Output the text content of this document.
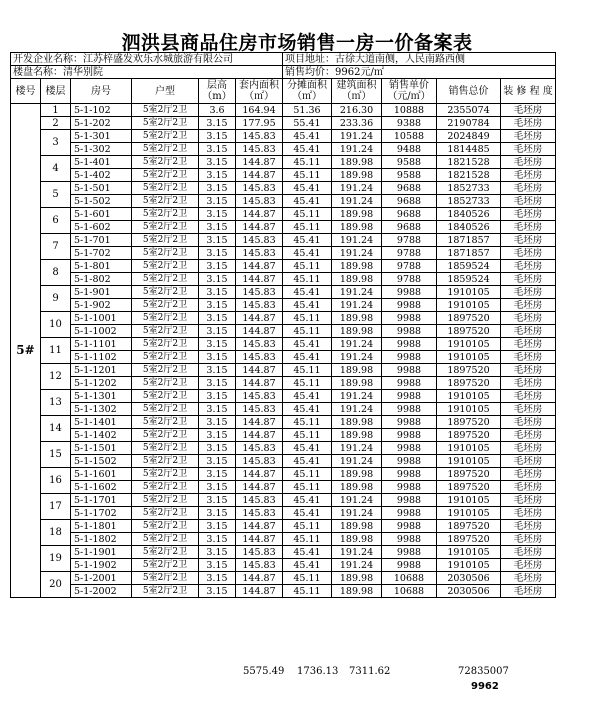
泗洪县商品住房市场销售一房一价备案表
开发企业名称：江苏梓盛发欢乐水城旅游有限公司						项目地址：古徐大道南侧，人民南路西侧				
楼盘名称：清华别院						销售均价：9962元/㎡				
楼号	楼层	房号	户型	层高（m）	套内面积（㎡）	分摊面积（㎡）	建筑面积（㎡）	销售单价（元/㎡）	销售总价	装 修 程 度
5#	1	5-1-102	5室2厅2卫	3.6	164.94	51.36	216.30	10888	2355074	毛坯房
	2	5-1-202	5室2厅2卫	3.15	177.95	55.41	233.36	9388	2190784	毛坯房
	3	5-1-301	5室2厅2卫	3.15	145.83	45.41	191.24	10588	2024849	毛坯房
		5-1-302	5室2厅2卫	3.15	145.83	45.41	191.24	9488	1814485	毛坯房
	4	5-1-401	5室2厅2卫	3.15	144.87	45.11	189.98	9588	1821528	毛坯房
		5-1-402	5室2厅2卫	3.15	144.87	45.11	189.98	9588	1821528	毛坯房
	5	5-1-501	5室2厅2卫	3.15	145.83	45.41	191.24	9688	1852733	毛坯房
		5-1-502	5室2厅2卫	3.15	145.83	45.41	191.24	9688	1852733	毛坯房
	6	5-1-601	5室2厅2卫	3.15	144.87	45.11	189.98	9688	1840526	毛坯房
		5-1-602	5室2厅2卫	3.15	144.87	45.11	189.98	9688	1840526	毛坯房
	7	5-1-701	5室2厅2卫	3.15	145.83	45.41	191.24	9788	1871857	毛坯房
		5-1-702	5室2厅2卫	3.15	145.83	45.41	191.24	9788	1871857	毛坯房
	8	5-1-801	5室2厅2卫	3.15	144.87	45.11	189.98	9788	1859524	毛坯房
		5-1-802	5室2厅2卫	3.15	144.87	45.11	189.98	9788	1859524	毛坯房
	9	5-1-901	5室2厅2卫	3.15	145.83	45.41	191.24	9988	1910105	毛坯房
		5-1-902	5室2厅2卫	3.15	145.83	45.41	191.24	9988	1910105	毛坯房
	10	5-1-1001	5室2厅2卫	3.15	144.87	45.11	189.98	9988	1897520	毛坯房
		5-1-1002	5室2厅2卫	3.15	144.87	45.11	189.98	9988	1897520	毛坯房
	11	5-1-1101	5室2厅2卫	3.15	145.83	45.41	191.24	9988	1910105	毛坯房
		5-1-1102	5室2厅2卫	3.15	145.83	45.41	191.24	9988	1910105	毛坯房
	12	5-1-1201	5室2厅2卫	3.15	144.87	45.11	189.98	9988	1897520	毛坯房
		5-1-1202	5室2厅2卫	3.15	144.87	45.11	189.98	9988	1897520	毛坯房
	13	5-1-1301	5室2厅2卫	3.15	145.83	45.41	191.24	9988	1910105	毛坯房
		5-1-1302	5室2厅2卫	3.15	145.83	45.41	191.24	9988	1910105	毛坯房
	14	5-1-1401	5室2厅2卫	3.15	144.87	45.11	189.98	9988	1897520	毛坯房
		5-1-1402	5室2厅2卫	3.15	144.87	45.11	189.98	9988	1897520	毛坯房
	15	5-1-1501	5室2厅2卫	3.15	145.83	45.41	191.24	9988	1910105	毛坯房
		5-1-1502	5室2厅2卫	3.15	145.83	45.41	191.24	9988	1910105	毛坯房
	16	5-1-1601	5室2厅2卫	3.15	144.87	45.11	189.98	9988	1897520	毛坯房
		5-1-1602	5室2厅2卫	3.15	144.87	45.11	189.98	9988	1897520	毛坯房
	17	5-1-1701	5室2厅2卫	3.15	145.83	45.41	191.24	9988	1910105	毛坯房
		5-1-1702	5室2厅2卫	3.15	145.83	45.41	191.24	9988	1910105	毛坯房
	18	5-1-1801	5室2厅2卫	3.15	144.87	45.11	189.98	9988	1897520	毛坯房
		5-1-1802	5室2厅2卫	3.15	144.87	45.11	189.98	9988	1897520	毛坯房
	19	5-1-1901	5室2厅2卫	3.15	145.83	45.41	191.24	9988	1910105	毛坯房
		5-1-1902	5室2厅2卫	3.15	145.83	45.41	191.24	9988	1910105	毛坯房
	20	5-1-2001	5室2厅2卫	3.15	144.87	45.11	189.98	10688	2030506	毛坯房
		5-1-2002	5室2厅2卫	3.15	144.87	45.11	189.98	10688	2030506	毛坯房
5575.49 1736.13 7311.62	72835007
9962
